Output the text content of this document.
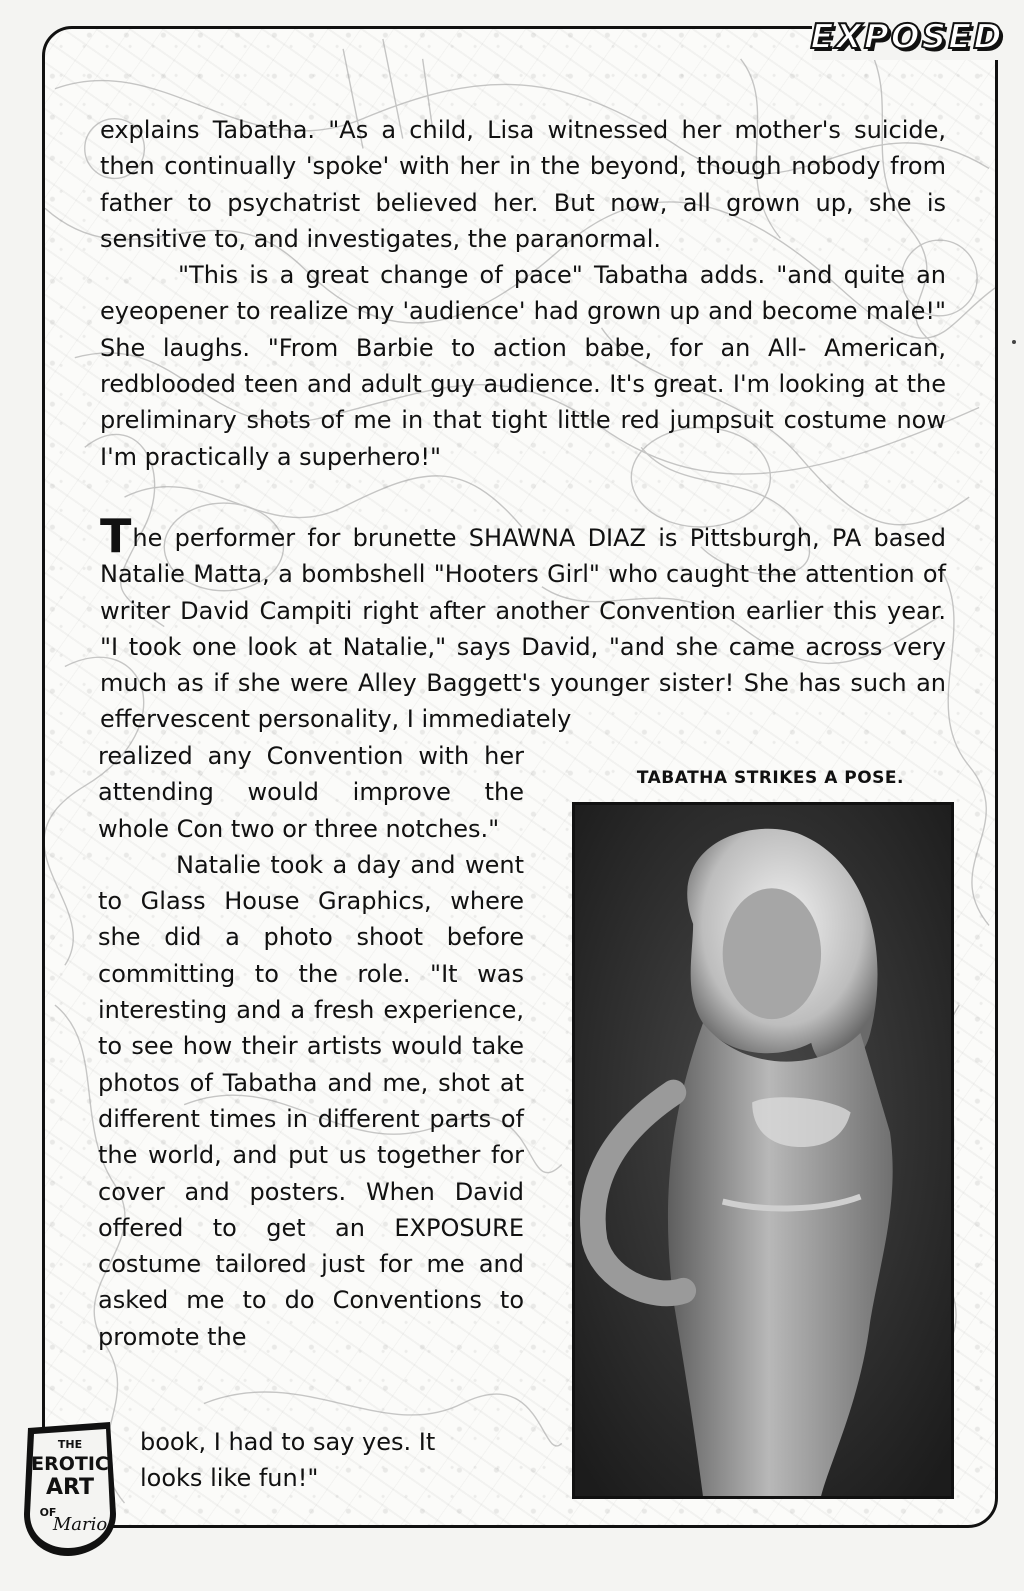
EXPOSED
explains Tabatha. "As a child, Lisa witnessed her mother's suicide, then continually 'spoke' with her in the beyond, though nobody from father to psychatrist believed her. But now, all grown up, she is sensitive to, and investigates, the paranormal.
"This is a great change of pace" Tabatha adds. "and quite an eyeopener to realize my 'audience' had grown up and become male!" She laughs. "From Barbie to action babe, for an All- American, redblooded teen and adult guy audience. It's great. I'm looking at the preliminary shots of me in that tight little red jumpsuit costume now I'm practically a superhero!"
The performer for brunette SHAWNA DIAZ is Pittsburgh, PA based Natalie Matta, a bombshell "Hooters Girl" who caught the attention of writer David Campiti right after another Convention earlier this year. "I took one look at Natalie," says David, "and she came across very much as if she were Alley Baggett's younger sister! She has such an effervescent personality, I immediately
realized any Convention with her attending would improve the whole Con two or three notches."
Natalie took a day and went to Glass House Graphics, where she did a photo shoot before committing to the role. "It was interesting and a fresh experience, to see how their artists would take photos of Tabatha and me, shot at different times in different parts of the world, and put us together for cover and posters. When David offered to get an EXPOSURE costume tailored just for me and asked me to do Conventions to promote the
book, I had to say yes. It
looks like fun!"
TABATHA STRIKES A POSE.
THE
EROTIC
ART
OF
Mario
